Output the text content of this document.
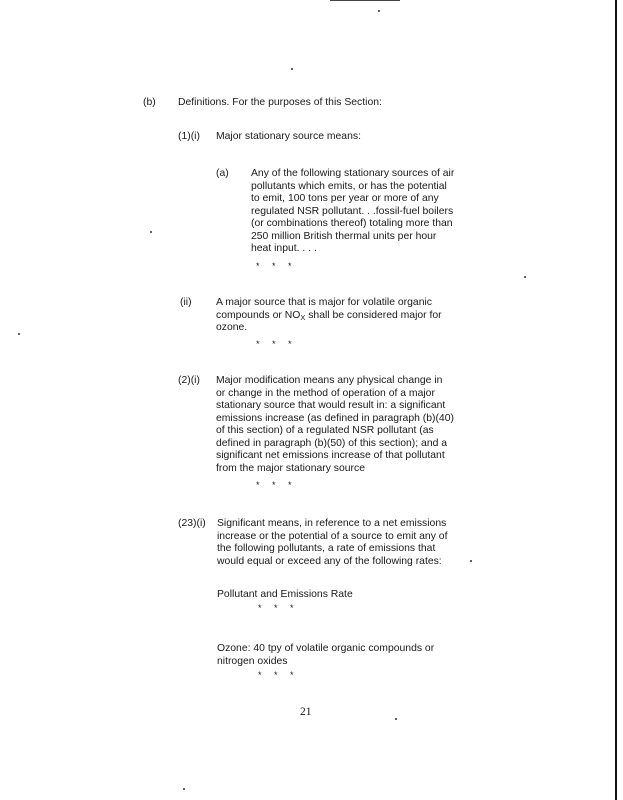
(b) Definitions. For the purposes of this Section:

(1)(i) Major stationary source means:

(a) Any of the following stationary sources of air

pollutants which emits, or has the potential

to emit, 100 tons per year or more of any

regulated NSR pollutant. . .fossil-fuel boilers

(or combinations thereof) totaling more than

250 million British thermal units per hour

heat input. . . .

* * *
(ii) A major source that is major for volatile organic

compounds or $NO_X$ shall be considered major for

ozone.

* * *
(2)(i) Major modification means any physical change in

or change in the method of operation of a major

stationary source that would result in: a significant

emissions increase (as defined in paragraph (b)(40)

of this section) of a regulated NSR pollutant (as

defined in paragraph (b)(50) of this section); and a

significant net emissions increase of that pollutant

from the major stationary source

* * *
(23)(i) Significant means, in reference to a net emissions

increase or the potential of a source to emit any of

the following pollutants, a rate of emissions that

would equal or exceed any of the following rates:

Pollutant and Emissions Rate

* * *

Ozone: 40 tpy of volatile organic compounds or

nitrogen oxides

* * *
21
